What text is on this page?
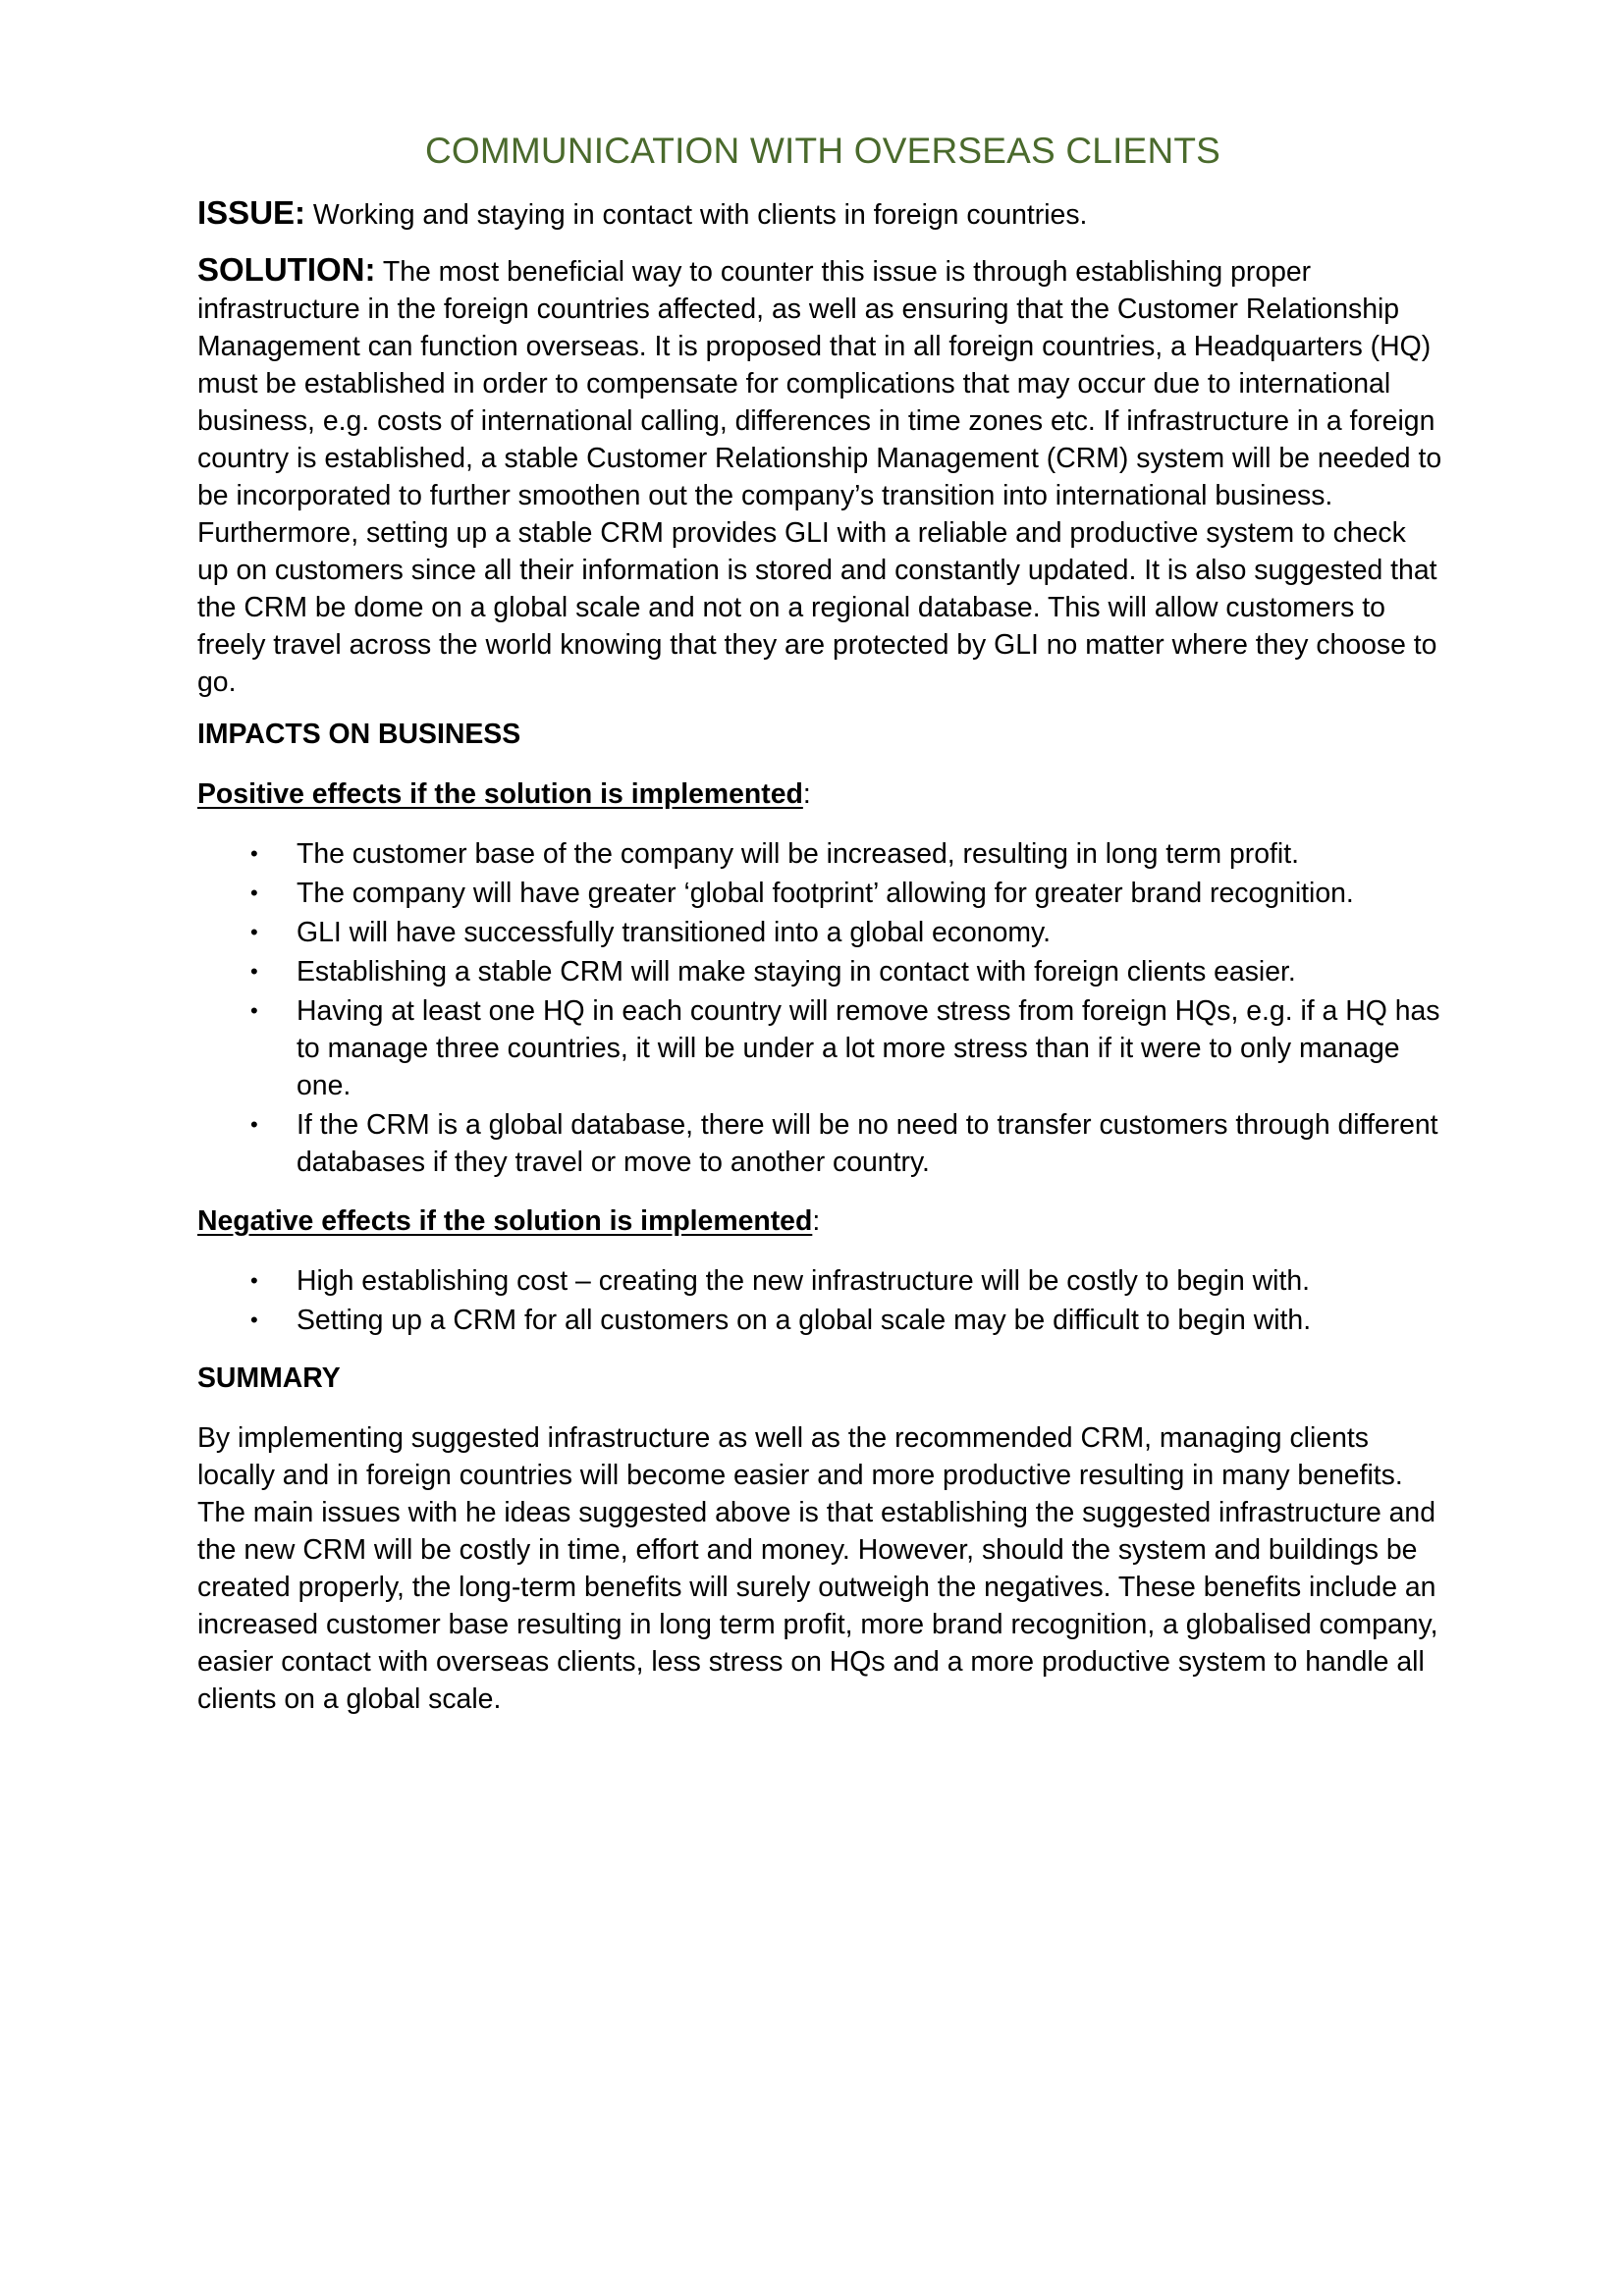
COMMUNICATION WITH OVERSEAS CLIENTS

ISSUE: Working and staying in contact with clients in foreign countries.

SOLUTION: The most beneficial way to counter this issue is through establishing proper infrastructure in the foreign countries affected, as well as ensuring that the Customer Relationship Management can function overseas. It is proposed that in all foreign countries, a Headquarters (HQ) must be established in order to compensate for complications that may occur due to international business, e.g. costs of international calling, differences in time zones etc. If infrastructure in a foreign country is established, a stable Customer Relationship Management (CRM) system will be needed to be incorporated to further smoothen out the company’s transition into international business. Furthermore, setting up a stable CRM provides GLI with a reliable and productive system to check up on customers since all their information is stored and constantly updated. It is also suggested that the CRM be dome on a global scale and not on a regional database. This will allow customers to freely travel across the world knowing that they are protected by GLI no matter where they choose to go.

IMPACTS ON BUSINESS
Positive effects if the solution is implemented:
• The customer base of the company will be increased, resulting in long term profit.
• The company will have greater ‘global footprint’ allowing for greater brand recognition.
• GLI will have successfully transitioned into a global economy.
• Establishing a stable CRM will make staying in contact with foreign clients easier.
• Having at least one HQ in each country will remove stress from foreign HQs, e.g. if a HQ has to manage three countries, it will be under a lot more stress than if it were to only manage one.
• If the CRM is a global database, there will be no need to transfer customers through different databases if they travel or move to another country.
Negative effects if the solution is implemented:
• High establishing cost – creating the new infrastructure will be costly to begin with.
• Setting up a CRM for all customers on a global scale may be difficult to begin with.
SUMMARY

By implementing suggested infrastructure as well as the recommended CRM, managing clients locally and in foreign countries will become easier and more productive resulting in many benefits. The main issues with he ideas suggested above is that establishing the suggested infrastructure and the new CRM will be costly in time, effort and money. However, should the system and buildings be created properly, the long-term benefits will surely outweigh the negatives. These benefits include an increased customer base resulting in long term profit, more brand recognition, a globalised company, easier contact with overseas clients, less stress on HQs and a more productive system to handle all clients on a global scale.
